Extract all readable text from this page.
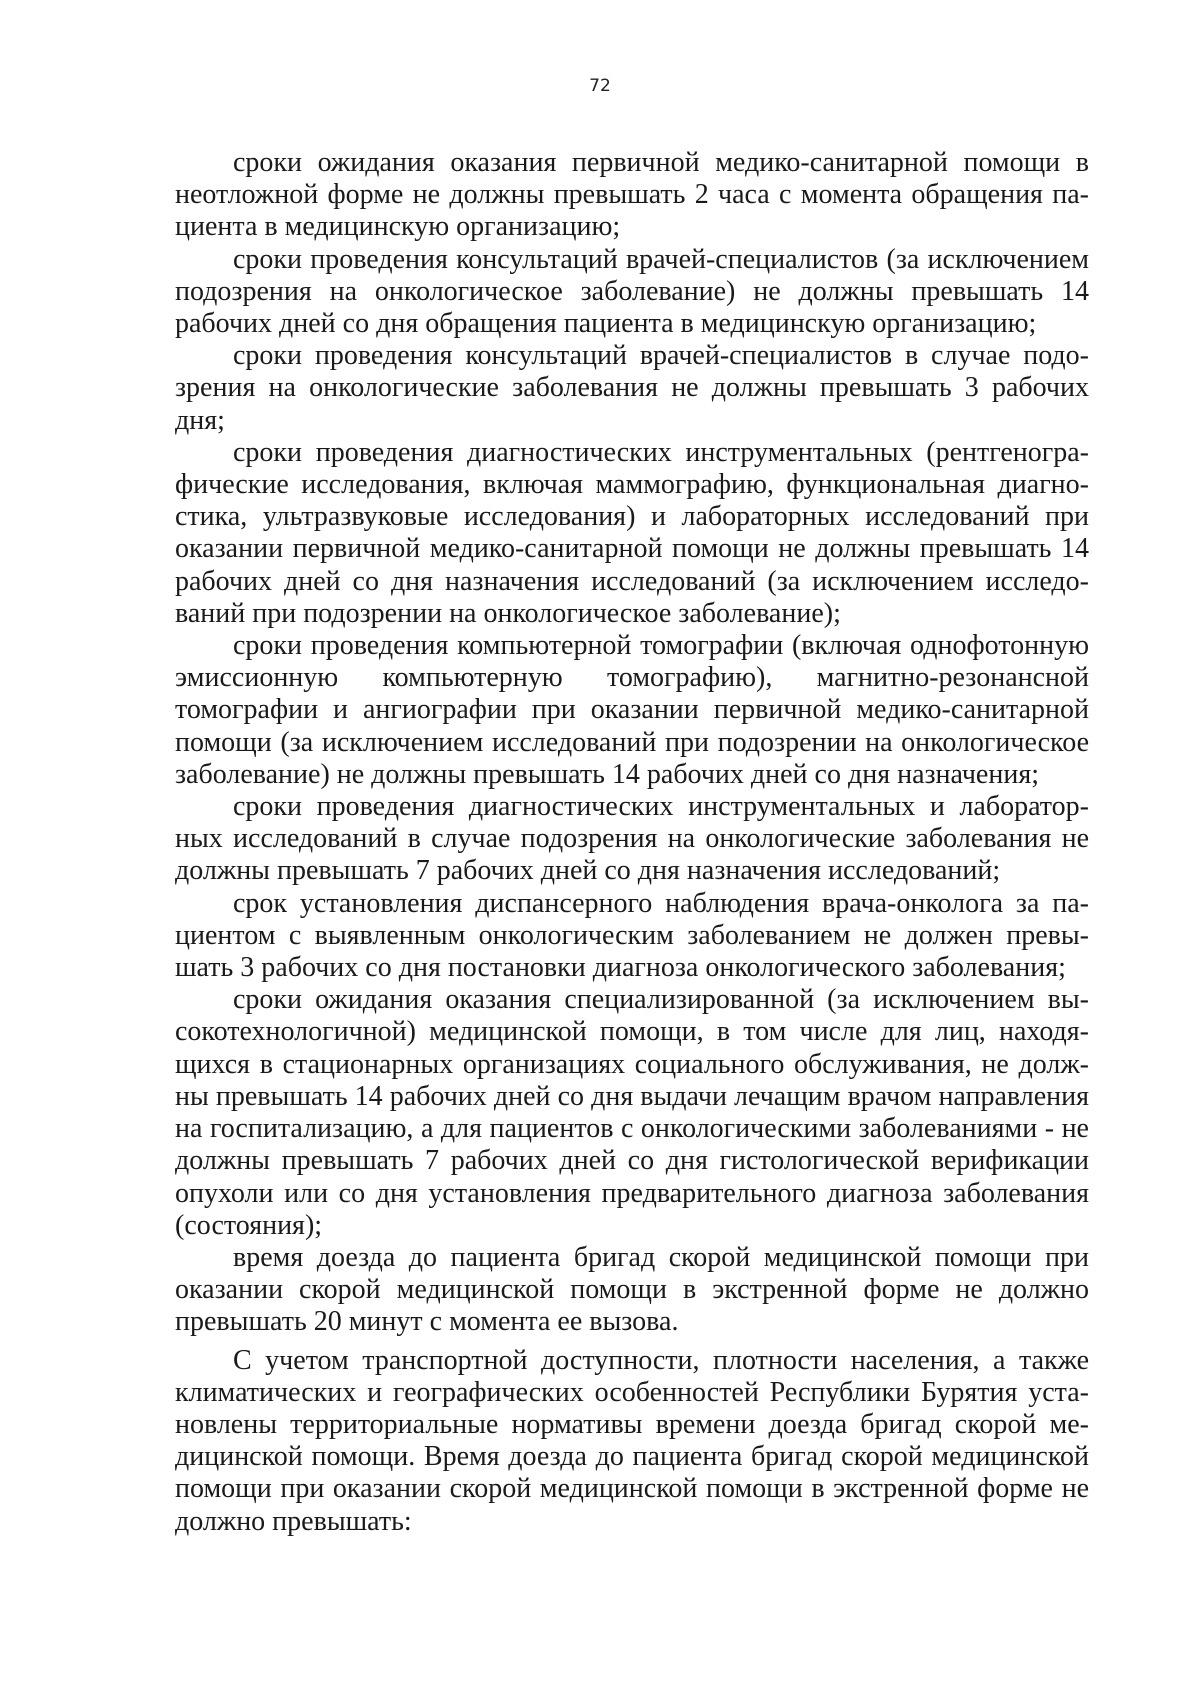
72

сроки ожидания оказания первичной медико-санитарной помощи в неотложной форме не должны превышать 2 часа с момента обращения пациента в медицинскую организацию;

сроки проведения консультаций врачей-специалистов (за исключением подозрения на онкологическое заболевание) не должны превышать 14 рабочих дней со дня обращения пациента в медицинскую организацию;

сроки проведения консультаций врачей-специалистов в случае подозрения на онкологические заболевания не должны превышать 3 рабочих дня;

сроки проведения диагностических инструментальных (рентгенографические исследования, включая маммографию, функциональная диагностика, ультразвуковые исследования) и лабораторных исследований при оказании первичной медико-санитарной помощи не должны превышать 14 рабочих дней со дня назначения исследований (за исключением исследований при подозрении на онкологическое заболевание);

сроки проведения компьютерной томографии (включая однофотонную эмиссионную компьютерную томографию), магнитно-резонансной томографии и ангиографии при оказании первичной медико-санитарной помощи (за исключением исследований при подозрении на онкологическое заболевание) не должны превышать 14 рабочих дней со дня назначения;

сроки проведения диагностических инструментальных и лабораторных исследований в случае подозрения на онкологические заболевания не должны превышать 7 рабочих дней со дня назначения исследований;

срок установления диспансерного наблюдения врача-онколога за пациентом с выявленным онкологическим заболеванием не должен превышать 3 рабочих со дня постановки диагноза онкологического заболевания;

сроки ожидания оказания специализированной (за исключением высокотехнологичной) медицинской помощи, в том числе для лиц, находящихся в стационарных организациях социального обслуживания, не должны превышать 14 рабочих дней со дня выдачи лечащим врачом направления на госпитализацию, а для пациентов с онкологическими заболеваниями - не должны превышать 7 рабочих дней со дня гистологической верификации опухоли или со дня установления предварительного диагноза заболевания (состояния);

время доезда до пациента бригад скорой медицинской помощи при оказании скорой медицинской помощи в экстренной форме не должно превышать 20 минут с момента ее вызова.

С учетом транспортной доступности, плотности населения, а также климатических и географических особенностей Республики Бурятия установлены территориальные нормативы времени доезда бригад скорой медицинской помощи. Время доезда до пациента бригад скорой медицинской помощи при оказании скорой медицинской помощи в экстренной форме не должно превышать:
